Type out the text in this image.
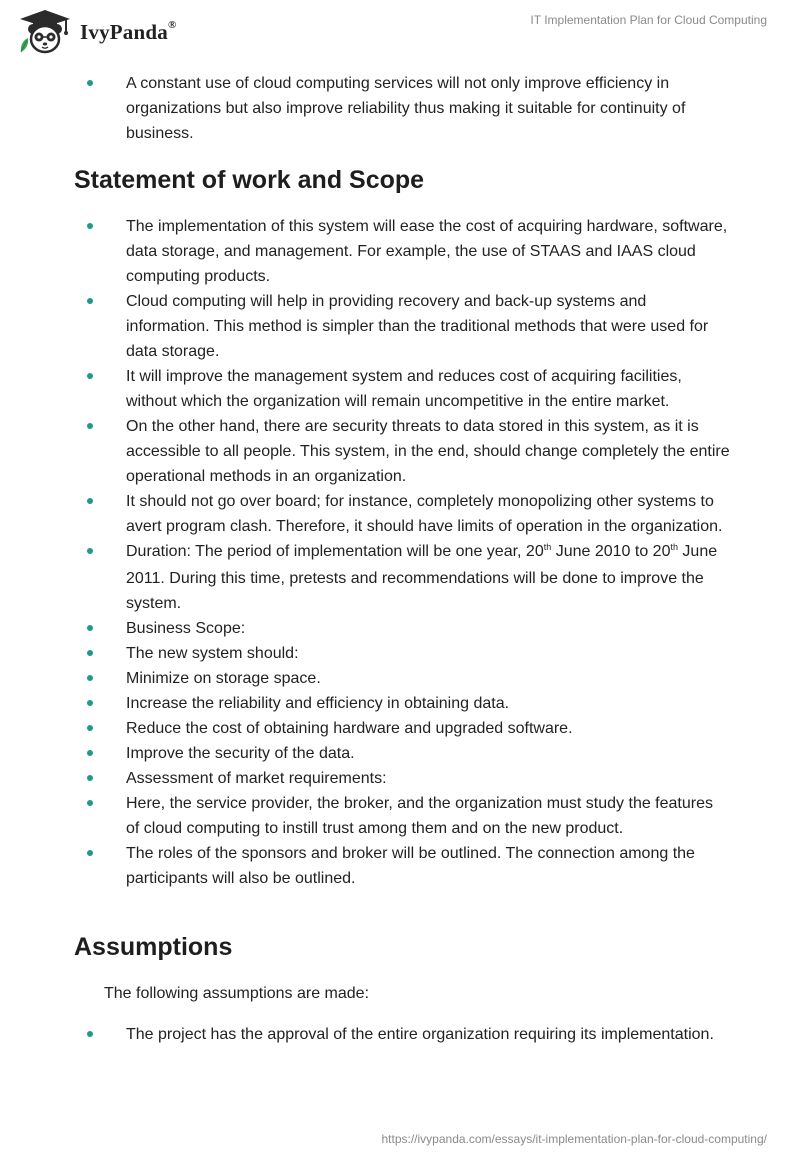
IvyPanda®	IT Implementation Plan for Cloud Computing
A constant use of cloud computing services will not only improve efficiency in organizations but also improve reliability thus making it suitable for continuity of business.
Statement of work and Scope
The implementation of this system will ease the cost of acquiring hardware, software, data storage, and management. For example, the use of STAAS and IAAS cloud computing products.
Cloud computing will help in providing recovery and back-up systems and information. This method is simpler than the traditional methods that were used for data storage.
It will improve the management system and reduces cost of acquiring facilities, without which the organization will remain uncompetitive in the entire market.
On the other hand, there are security threats to data stored in this system, as it is accessible to all people. This system, in the end, should change completely the entire operational methods in an organization.
It should not go over board; for instance, completely monopolizing other systems to avert program clash. Therefore, it should have limits of operation in the organization.
Duration: The period of implementation will be one year, 20th June 2010 to 20th June 2011. During this time, pretests and recommendations will be done to improve the system.
Business Scope:
The new system should:
Minimize on storage space.
Increase the reliability and efficiency in obtaining data.
Reduce the cost of obtaining hardware and upgraded software.
Improve the security of the data.
Assessment of market requirements:
Here, the service provider, the broker, and the organization must study the features of cloud computing to instill trust among them and on the new product.
The roles of the sponsors and broker will be outlined. The connection among the participants will also be outlined.
Assumptions
The following assumptions are made:
The project has the approval of the entire organization requiring its implementation.
https://ivypanda.com/essays/it-implementation-plan-for-cloud-computing/
